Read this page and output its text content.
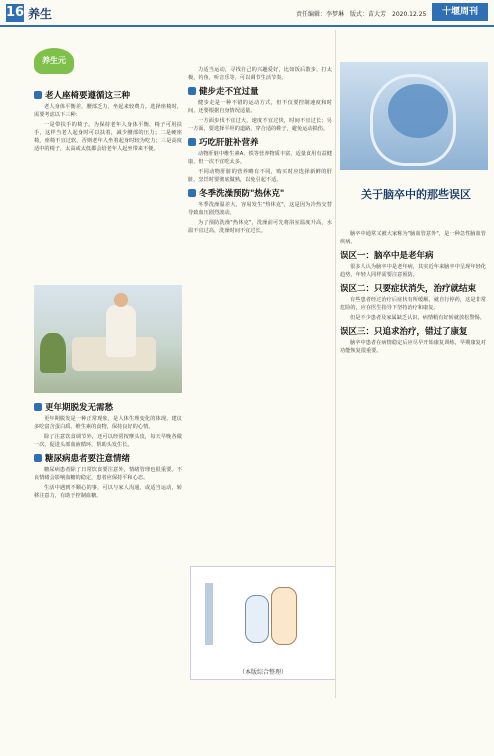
16 养生	责任编辑：李梦琳　版式：苗大芳　2020.12.25	十堰周刊
养生元
老人座椅要遵循这三种

老人身体平衡差，腰部乏力，坐起来较费力。选择座椅时，需要考虑以下三种：

一是带扶手的椅子。为保持老年人身体平衡，椅子可用扶手，这样当老人起身时可以扶着，减少腰部的压力；二是硬座椅，座椅不宜过软，否则老年人坐着起身时较为吃力；三是高度适中的椅子，太高或太低都会给老年人起坐带来不便。

更年期脱发无需愁

更年期脱发是一种正常现象，是人体生理变化的体现。建议多吃富含蛋白质、维生素的食物，保持良好的心情。

除了注意饮食调节外，还可以经常按摩头皮，每天早晚各做一次，促进头部血液循环，帮助头发生长。

糖尿病患者要注意情绪

糖尿病患者除了日常饮食要注意外，情绪管理也很重要。不良情绪会影响血糖的稳定，患者应保持平和心态。

生活中遇到不顺心的事，可以与家人沟通，或适当运动，转移注意力，有助于控制血糖。

力适当运动，寻找自己的兴趣爱好，比如饭后散步，打太极，钓鱼，听音乐等，可以调节生活节奏。

健步走不宜过量

健步走是一种不错的运动方式，但不仅要控制速度和时间，还要根据自身情况适量。

一方面步伐不宜过大，速度不宜过快，时间不宜过长；另一方面，要选择平坦的道路，穿合适的鞋子，避免运动损伤。

巧吃肝脏补营养

动物肝脏中维生素A、铁等营养物质丰富，适量食用有益健康，但一次不宜吃太多。

不同动物肝脏的营养略有不同，购买时应选择新鲜的肝脏，烹饪时要彻底做熟，以免引起不适。

冬季洗澡预防"热休克"

冬季洗澡温差大，容易发生"热休克"，这是因为冷热交替导致血压剧烈波动。

为了预防洗澡"热休克"，洗澡前可先将浴室温度升高，水温不宜过高，洗澡时间不宜过长。

（本版综合整理）
关于脑卒中的那些误区

脑卒中通常又被大家称为"脑血管意外"，是一种急性脑血管疾病。

误区一：脑卒中是老年病

很多人认为脑卒中是老年病，其实近年来脑卒中呈现年轻化趋势，年轻人同样需要注意预防。

误区二：只要症状消失，治疗就结束

有些患者经过治疗后症状有所缓解，就自行停药，这是非常危险的，应在医生指导下坚持治疗和康复。

但是不少患者及家属缺乏认识，病情稍有好转就放松警惕。

误区三：只追求治疗，错过了康复

脑卒中患者在病情稳定后应尽早开始康复训练，早期康复对功能恢复很重要。
